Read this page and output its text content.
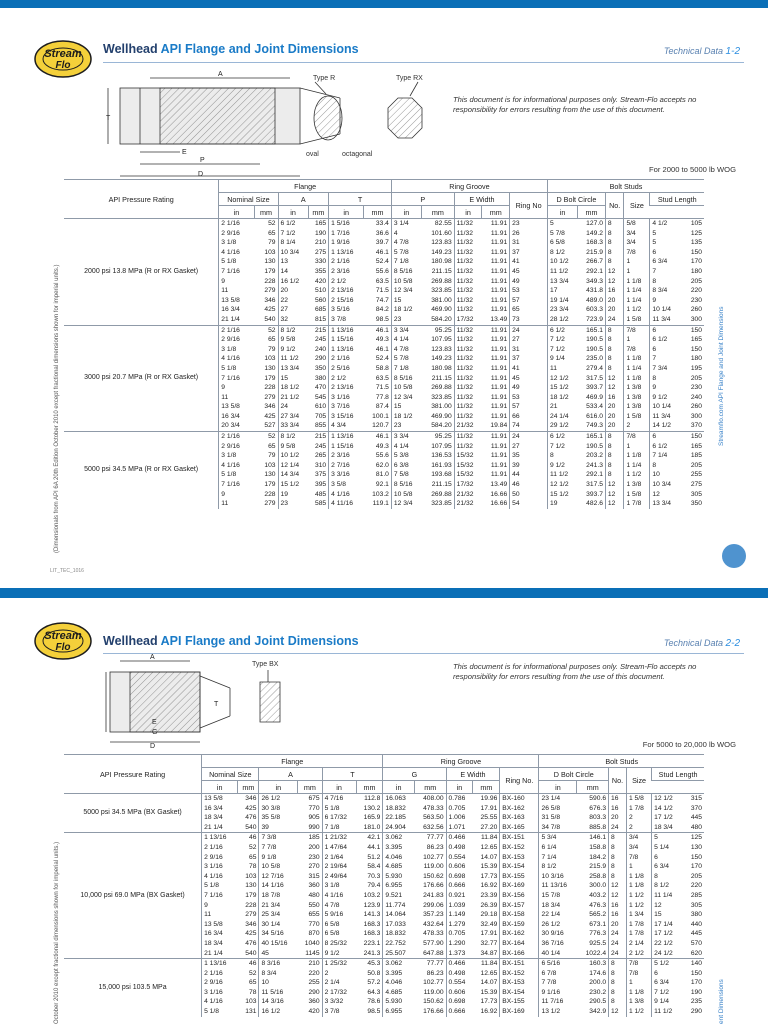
Stream
Flo
Wellhead API Flange and Joint Dimensions	Technical Data 1-2
A
T
E
P
D
Type R	Type RX
oval	octagonal
This document is for informational purposes only. Stream-Flo accepts no responsibility for errors resulting from the use of this document.
For 2000 to 5000 lb WOG
API Pressure Rating	Flange						Ring Groove					Bolt Studs					
	Nominal Size		A		T		P		E Width		Ring No	D Bolt Circle		No.	Size	Stud Length	
	in	mm	in	mm	in	mm	in	mm	in	mm		in	mm				
2000 psi 13.8 MPa (R or RX Gasket)	2 1/16	52	6 1/2	165	1 5/16	33.4	3 1/4	82.55	11/32	11.91	23	5	127.0	8	5/8	4 1/2	105
	2 9/16	65	7 1/2	190	1 7/16	36.6	4	101.60	11/32	11.91	26	5 7/8	149.2	8	3/4	5	125
	3 1/8	79	8 1/4	210	1 9/16	39.7	4 7/8	123.83	11/32	11.91	31	6 5/8	168.3	8	3/4	5	135
	4 1/16	103	10 3/4	275	1 13/16	46.1	5 7/8	149.23	11/32	11.91	37	8 1/2	215.9	8	7/8	6	150
	5 1/8	130	13	330	2 1/16	52.4	7 1/8	180.98	11/32	11.91	41	10 1/2	266.7	8	1	6 3/4	170
	7 1/16	179	14	355	2 3/16	55.6	8 5/16	211.15	11/32	11.91	45	11 1/2	292.1	12	1	7	180
	9	228	16 1/2	420	2 1/2	63.5	10 5/8	269.88	11/32	11.91	49	13 3/4	349.3	12	1 1/8	8	205
	11	279	20	510	2 13/16	71.5	12 3/4	323.85	11/32	11.91	53	17	431.8	16	1 1/4	8 3/4	220
	13 5/8	346	22	560	2 15/16	74.7	15	381.00	11/32	11.91	57	19 1/4	489.0	20	1 1/4	9	230
	16 3/4	425	27	685	3 5/16	84.2	18 1/2	469.90	11/32	11.91	65	23 3/4	603.3	20	1 1/2	10 1/4	260
	21 1/4	540	32	815	3 7/8	98.5	23	584.20	17/32	13.49	73	28 1/2	723.9	24	1 5/8	11 3/4	300
3000 psi 20.7 MPa (R or RX Gasket)	2 1/16	52	8 1/2	215	1 13/16	46.1	3 3/4	95.25	11/32	11.91	24	6 1/2	165.1	8	7/8	6	150
	2 9/16	65	9 5/8	245	1 15/16	49.3	4 1/4	107.95	11/32	11.91	27	7 1/2	190.5	8	1	6 1/2	165
	3 1/8	79	9 1/2	240	1 13/16	46.1	4 7/8	123.83	11/32	11.91	31	7 1/2	190.5	8	7/8	6	150
	4 1/16	103	11 1/2	290	2 1/16	52.4	5 7/8	149.23	11/32	11.91	37	9 1/4	235.0	8	1 1/8	7	180
	5 1/8	130	13 3/4	350	2 5/16	58.8	7 1/8	180.98	11/32	11.91	41	11	279.4	8	1 1/4	7 3/4	195
	7 1/16	179	15	380	2 1/2	63.5	8 5/16	211.15	11/32	11.91	45	12 1/2	317.5	12	1 1/8	8	205
	9	228	18 1/2	470	2 13/16	71.5	10 5/8	269.88	11/32	11.91	49	15 1/2	393.7	12	1 3/8	9	230
	11	279	21 1/2	545	3 1/16	77.8	12 3/4	323.85	11/32	11.91	53	18 1/2	469.9	16	1 3/8	9 1/2	240
	13 5/8	346	24	610	3 7/16	87.4	15	381.00	11/32	11.91	57	21	533.4	20	1 3/8	10 1/4	260
	16 3/4	425	27 3/4	705	3 15/16	100.1	18 1/2	469.90	11/32	11.91	66	24 1/4	616.0	20	1 5/8	11 3/4	300
	20 3/4	527	33 3/4	855	4 3/4	120.7	23	584.20	21/32	19.84	74	29 1/2	749.3	20	2	14 1/2	370
5000 psi 34.5 MPa (R or RX Gasket)	2 1/16	52	8 1/2	215	1 13/16	46.1	3 3/4	95.25	11/32	11.91	24	6 1/2	165.1	8	7/8	6	150
	2 9/16	65	9 5/8	245	1 15/16	49.3	4 1/4	107.95	11/32	11.91	27	7 1/2	190.5	8	1	6 1/2	165
	3 1/8	79	10 1/2	265	2 3/16	55.6	5 3/8	136.53	15/32	11.91	35	8	203.2	8	1 1/8	7 1/4	185
	4 1/16	103	12 1/4	310	2 7/16	62.0	6 3/8	161.93	15/32	11.91	39	9 1/2	241.3	8	1 1/4	8	205
	5 1/8	130	14 3/4	375	3 3/16	81.0	7 5/8	193.68	15/32	11.91	44	11 1/2	292.1	8	1 1/2	10	255
	7 1/16	179	15 1/2	395	3 5/8	92.1	8 5/16	211.15	17/32	13.49	46	12 1/2	317.5	12	1 3/8	10 3/4	275
	9	228	19	485	4 1/16	103.2	10 5/8	269.88	21/32	16.66	50	15 1/2	393.7	12	1 5/8	12	305
	11	279	23	585	4 11/16	119.1	12 3/4	323.85	21/32	16.66	54	19	482.6	12	1 7/8	13 3/4	350
(Dimensionals from API 6A 20th Edition October 2010 except fractional dimensions shown for imperial units.)	Streamflo.com API Flange and Joint Dimensions
LIT_TEC_1016
Stream
Flo	Wellhead API Flange and Joint Dimensions	Technical Data 2-2
A
T
E
G
D
Type BX	This document is for informational purposes only. Stream-Flo accepts no responsibility for errors resulting from the use of this document.
For 5000 to 20,000 lb WOG
API Pressure Rating	Flange						Ring Groove					Bolt Studs					
	Nominal Size		A		T		G		E Width		Ring No.	D Bolt Circle		No.	Size	Stud Length	
	in	mm	in	mm	in	mm	in	mm	in	mm		in	mm				
5000 psi 34.5 MPa (BX Gasket)	13 5/8	346	26 1/2	675	4 7/16	112.8	16.063	408.00	0.786	19.96	BX-160	23 1/4	590.6	16	1 5/8	12 1/2	315
	16 3/4	425	30 3/8	770	5 1/8	130.2	18.832	478.33	0.705	17.91	BX-162	26 5/8	676.3	16	1 7/8	14 1/2	370
	18 3/4	476	35 5/8	905	6 17/32	165.9	22.185	563.50	1.006	25.55	BX-163	31 5/8	803.3	20	2	17 1/2	445
	21 1/4	540	39	990	7 1/8	181.0	24.904	632.56	1.071	27.20	BX-165	34 7/8	885.8	24	2	18 3/4	480
10,000 psi 69.0 MPa (BX Gasket)	1 13/16	46	7 3/8	185	1 21/32	42.1	3.062	77.77	0.466	11.84	BX-151	5 3/4	146.1	8	3/4	5	125
	2 1/16	52	7 7/8	200	1 47/64	44.1	3.395	86.23	0.498	12.65	BX-152	6 1/4	158.8	8	3/4	5 1/4	130
	2 9/16	65	9 1/8	230	2 1/64	51.2	4.046	102.77	0.554	14.07	BX-153	7 1/4	184.2	8	7/8	6	150
	3 1/16	78	10 5/8	270	2 19/64	58.4	4.685	119.00	0.606	15.39	BX-154	8 1/2	215.9	8	1	6 3/4	170
	4 1/16	103	12 7/16	315	2 49/64	70.3	5.930	150.62	0.698	17.73	BX-155	10 3/16	258.8	8	1 1/8	8	205
	5 1/8	130	14 1/16	360	3 1/8	79.4	6.955	176.66	0.666	16.92	BX-169	11 13/16	300.0	12	1 1/8	8 1/2	220
	7 1/16	179	18 7/8	480	4 1/16	103.2	9.521	241.83	0.921	23.39	BX-156	15 7/8	403.2	12	1 1/2	11 1/4	285
	9	228	21 3/4	550	4 7/8	123.9	11.774	299.06	1.039	26.39	BX-157	18 3/4	476.3	16	1 1/2	12	305
	11	279	25 3/4	655	5 9/16	141.3	14.064	357.23	1.149	29.18	BX-158	22 1/4	565.2	16	1 3/4	15	380
	13 5/8	346	30 1/4	770	6 5/8	168.3	17.033	432.64	1.279	32.49	BX-159	26 1/2	673.1	20	1 7/8	17 1/4	440
	16 3/4	425	34 5/16	870	6 5/8	168.3	18.832	478.33	0.705	17.91	BX-162	30 9/16	776.3	24	1 7/8	17 1/2	445
	18 3/4	476	40 15/16	1040	8 25/32	223.1	22.752	577.90	1.290	32.77	BX-164	36 7/16	925.5	24	2 1/4	22 1/2	570
	21 1/4	540	45	1145	9 1/2	241.3	25.507	647.88	1.373	34.87	BX-166	40 1/4	1022.4	24	2 1/2	24 1/2	620
15,000 psi 103.5 MPa	1 13/16	46	8 3/16	210	1 25/32	45.3	3.062	77.77	0.466	11.84	BX-151	6 5/16	160.3	8	7/8	5 1/2	140
	2 1/16	52	8 3/4	220	2	50.8	3.395	86.23	0.498	12.65	BX-152	6 7/8	174.6	8	7/8	6	150
	2 9/16	65	10	255	2 1/4	57.2	4.046	102.77	0.554	14.07	BX-153	7 7/8	200.0	8	1	6 3/4	170
	3 1/16	78	11 5/16	290	2 17/32	64.3	4.685	119.00	0.606	15.39	BX-154	9 1/16	230.2	8	1 1/8	7 1/2	190
	4 1/16	103	14 3/16	360	3 3/32	78.6	5.930	150.62	0.698	17.73	BX-155	11 7/16	290.5	8	1 3/8	9 1/4	235
	5 1/8	131	16 1/2	420	3 7/8	98.5	6.955	176.66	0.666	16.92	BX-169	13 1/2	342.9	12	1 1/2	11 1/2	290
October 2010 except fractional dimensions shown for imperial units.)	ent Dimensions
